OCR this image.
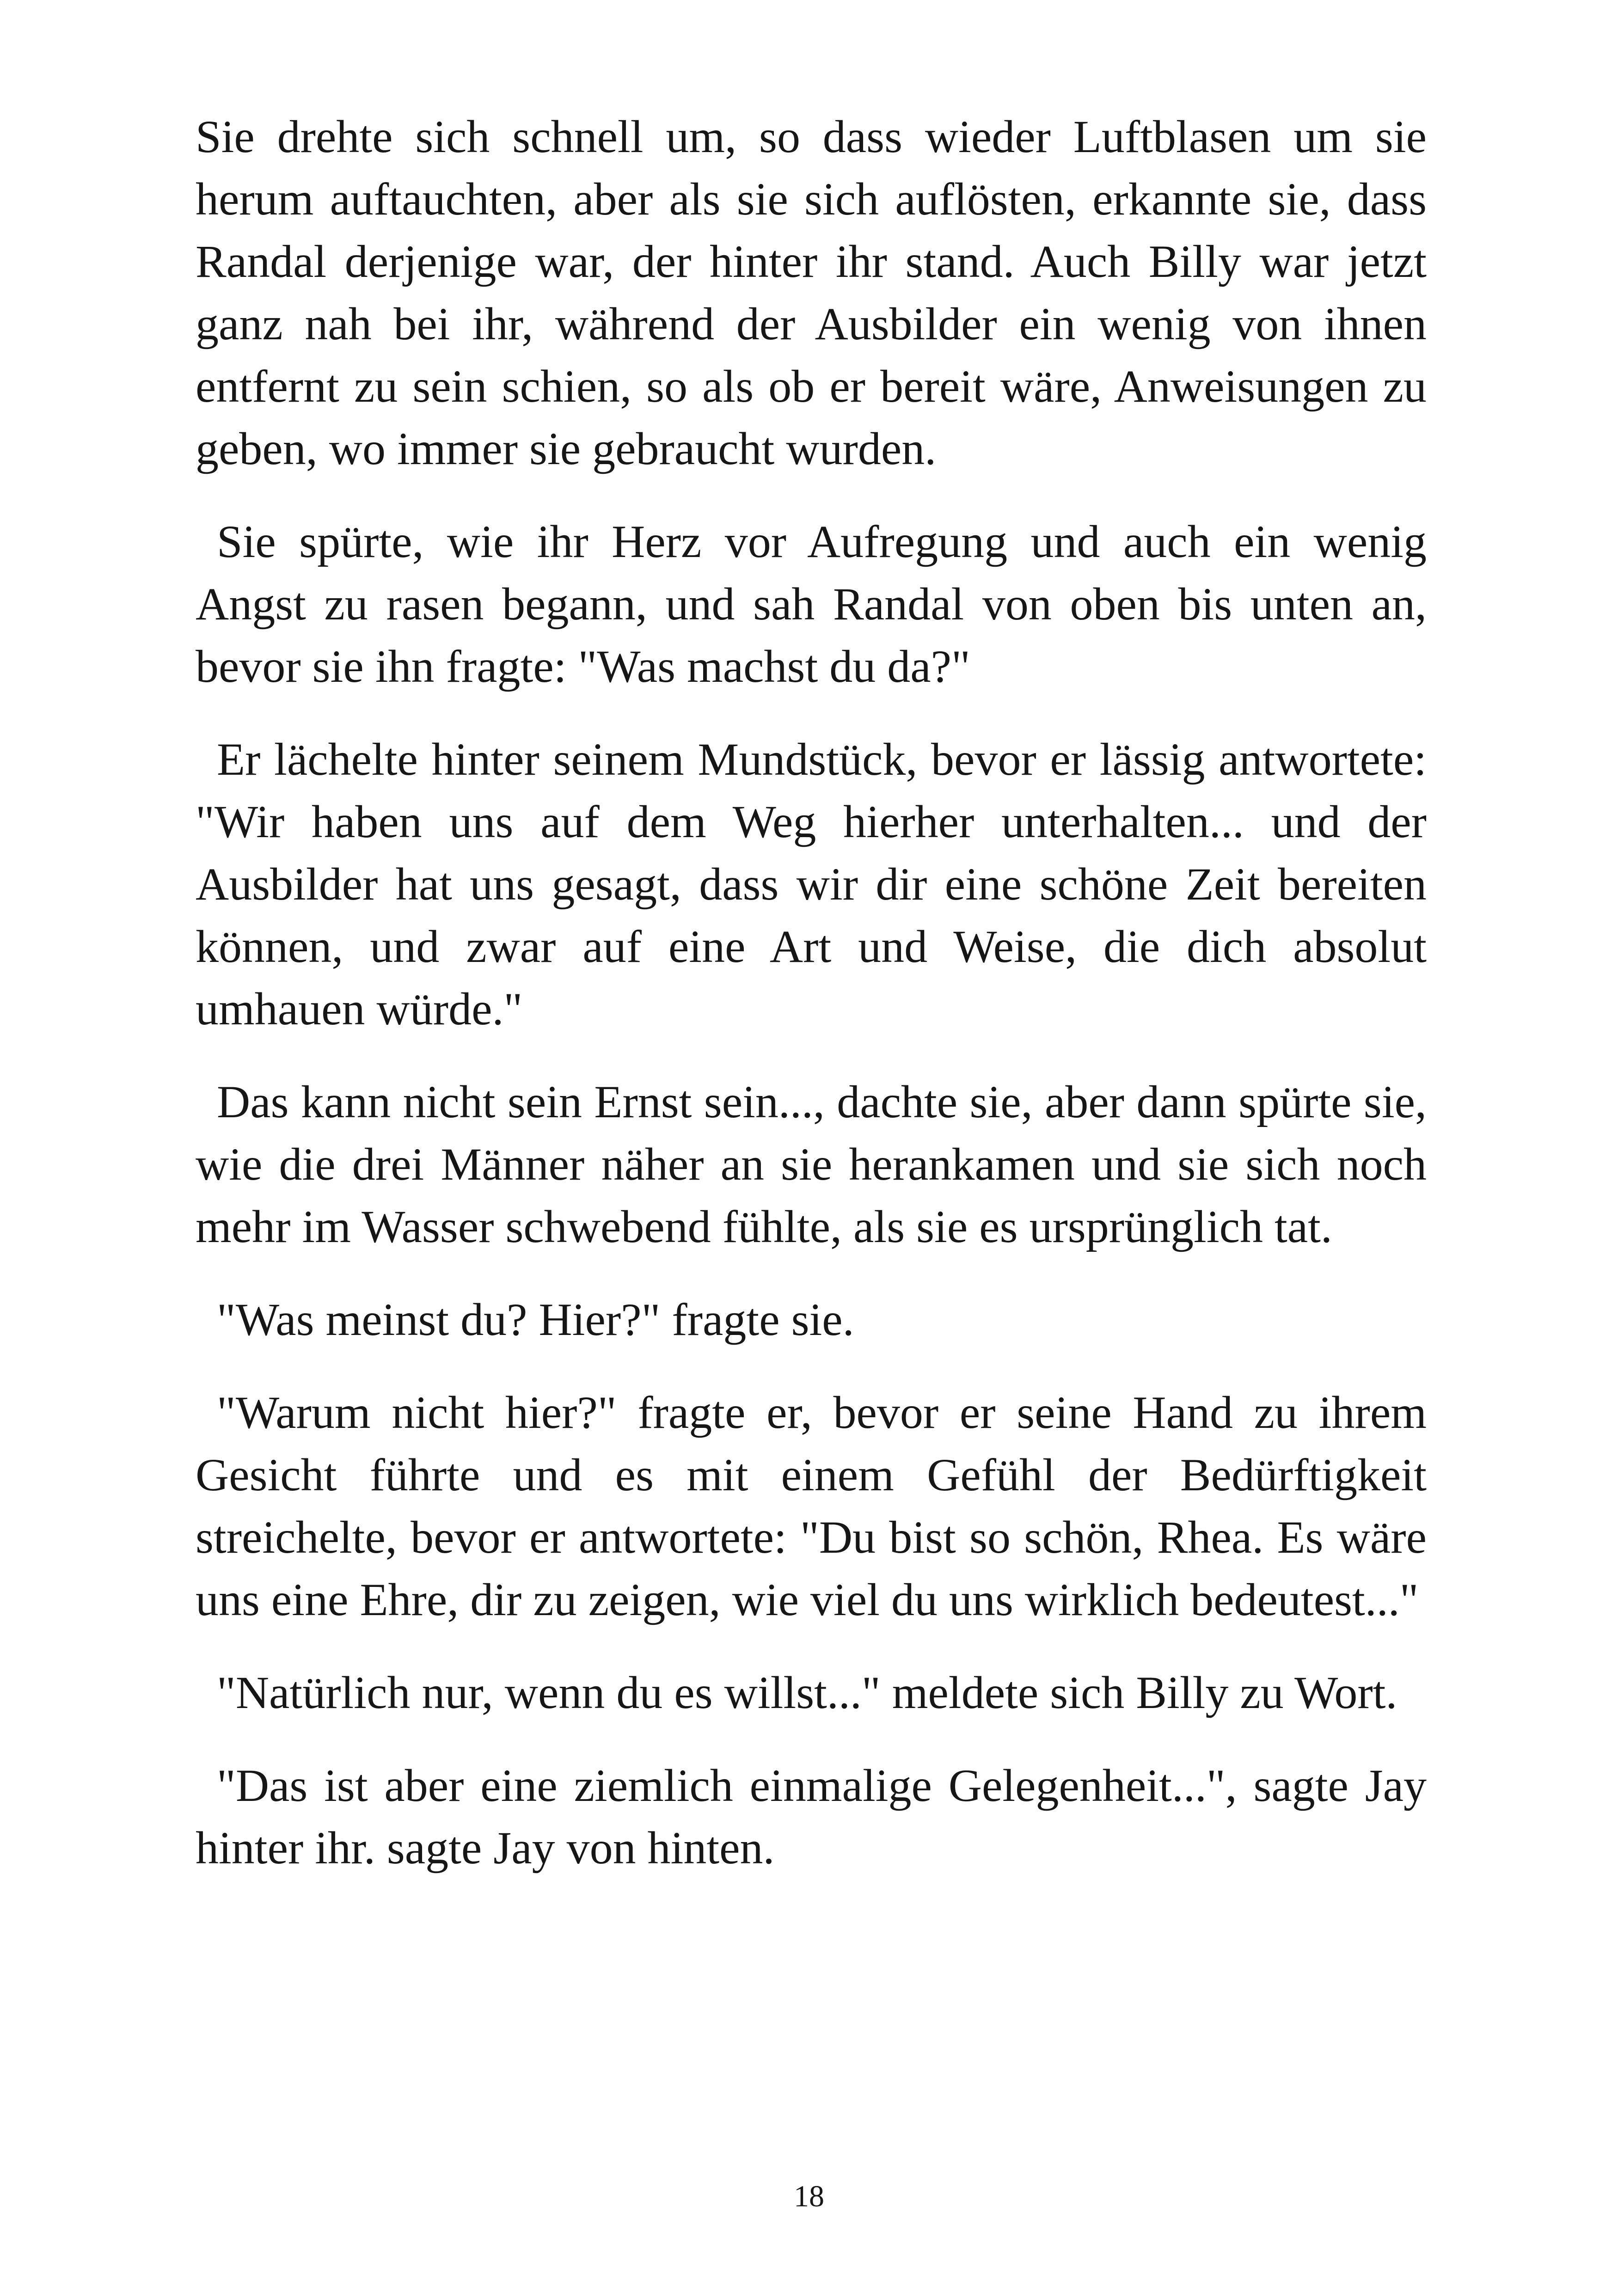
Sie drehte sich schnell um, so dass wieder Luftblasen um sie herum auftauchten, aber als sie sich auflösten, erkannte sie, dass Randal derjenige war, der hinter ihr stand. Auch Billy war jetzt ganz nah bei ihr, während der Ausbilder ein wenig von ihnen entfernt zu sein schien, so als ob er bereit wäre, Anweisungen zu geben, wo immer sie gebraucht wurden.

Sie spürte, wie ihr Herz vor Aufregung und auch ein wenig Angst zu rasen begann, und sah Randal von oben bis unten an, bevor sie ihn fragte: "Was machst du da?"

Er lächelte hinter seinem Mundstück, bevor er lässig antwortete: "Wir haben uns auf dem Weg hierher unterhalten... und der Ausbilder hat uns gesagt, dass wir dir eine schöne Zeit bereiten können, und zwar auf eine Art und Weise, die dich absolut umhauen würde."

Das kann nicht sein Ernst sein..., dachte sie, aber dann spürte sie, wie die drei Männer näher an sie herankamen und sie sich noch mehr im Wasser schwebend fühlte, als sie es ursprünglich tat.

"Was meinst du? Hier?" fragte sie.

"Warum nicht hier?" fragte er, bevor er seine Hand zu ihrem Gesicht führte und es mit einem Gefühl der Bedürftigkeit streichelte, bevor er antwortete: "Du bist so schön, Rhea. Es wäre uns eine Ehre, dir zu zeigen, wie viel du uns wirklich bedeutest..."

"Natürlich nur, wenn du es willst..." meldete sich Billy zu Wort.

"Das ist aber eine ziemlich einmalige Gelegenheit...", sagte Jay hinter ihr. sagte Jay von hinten.

18
